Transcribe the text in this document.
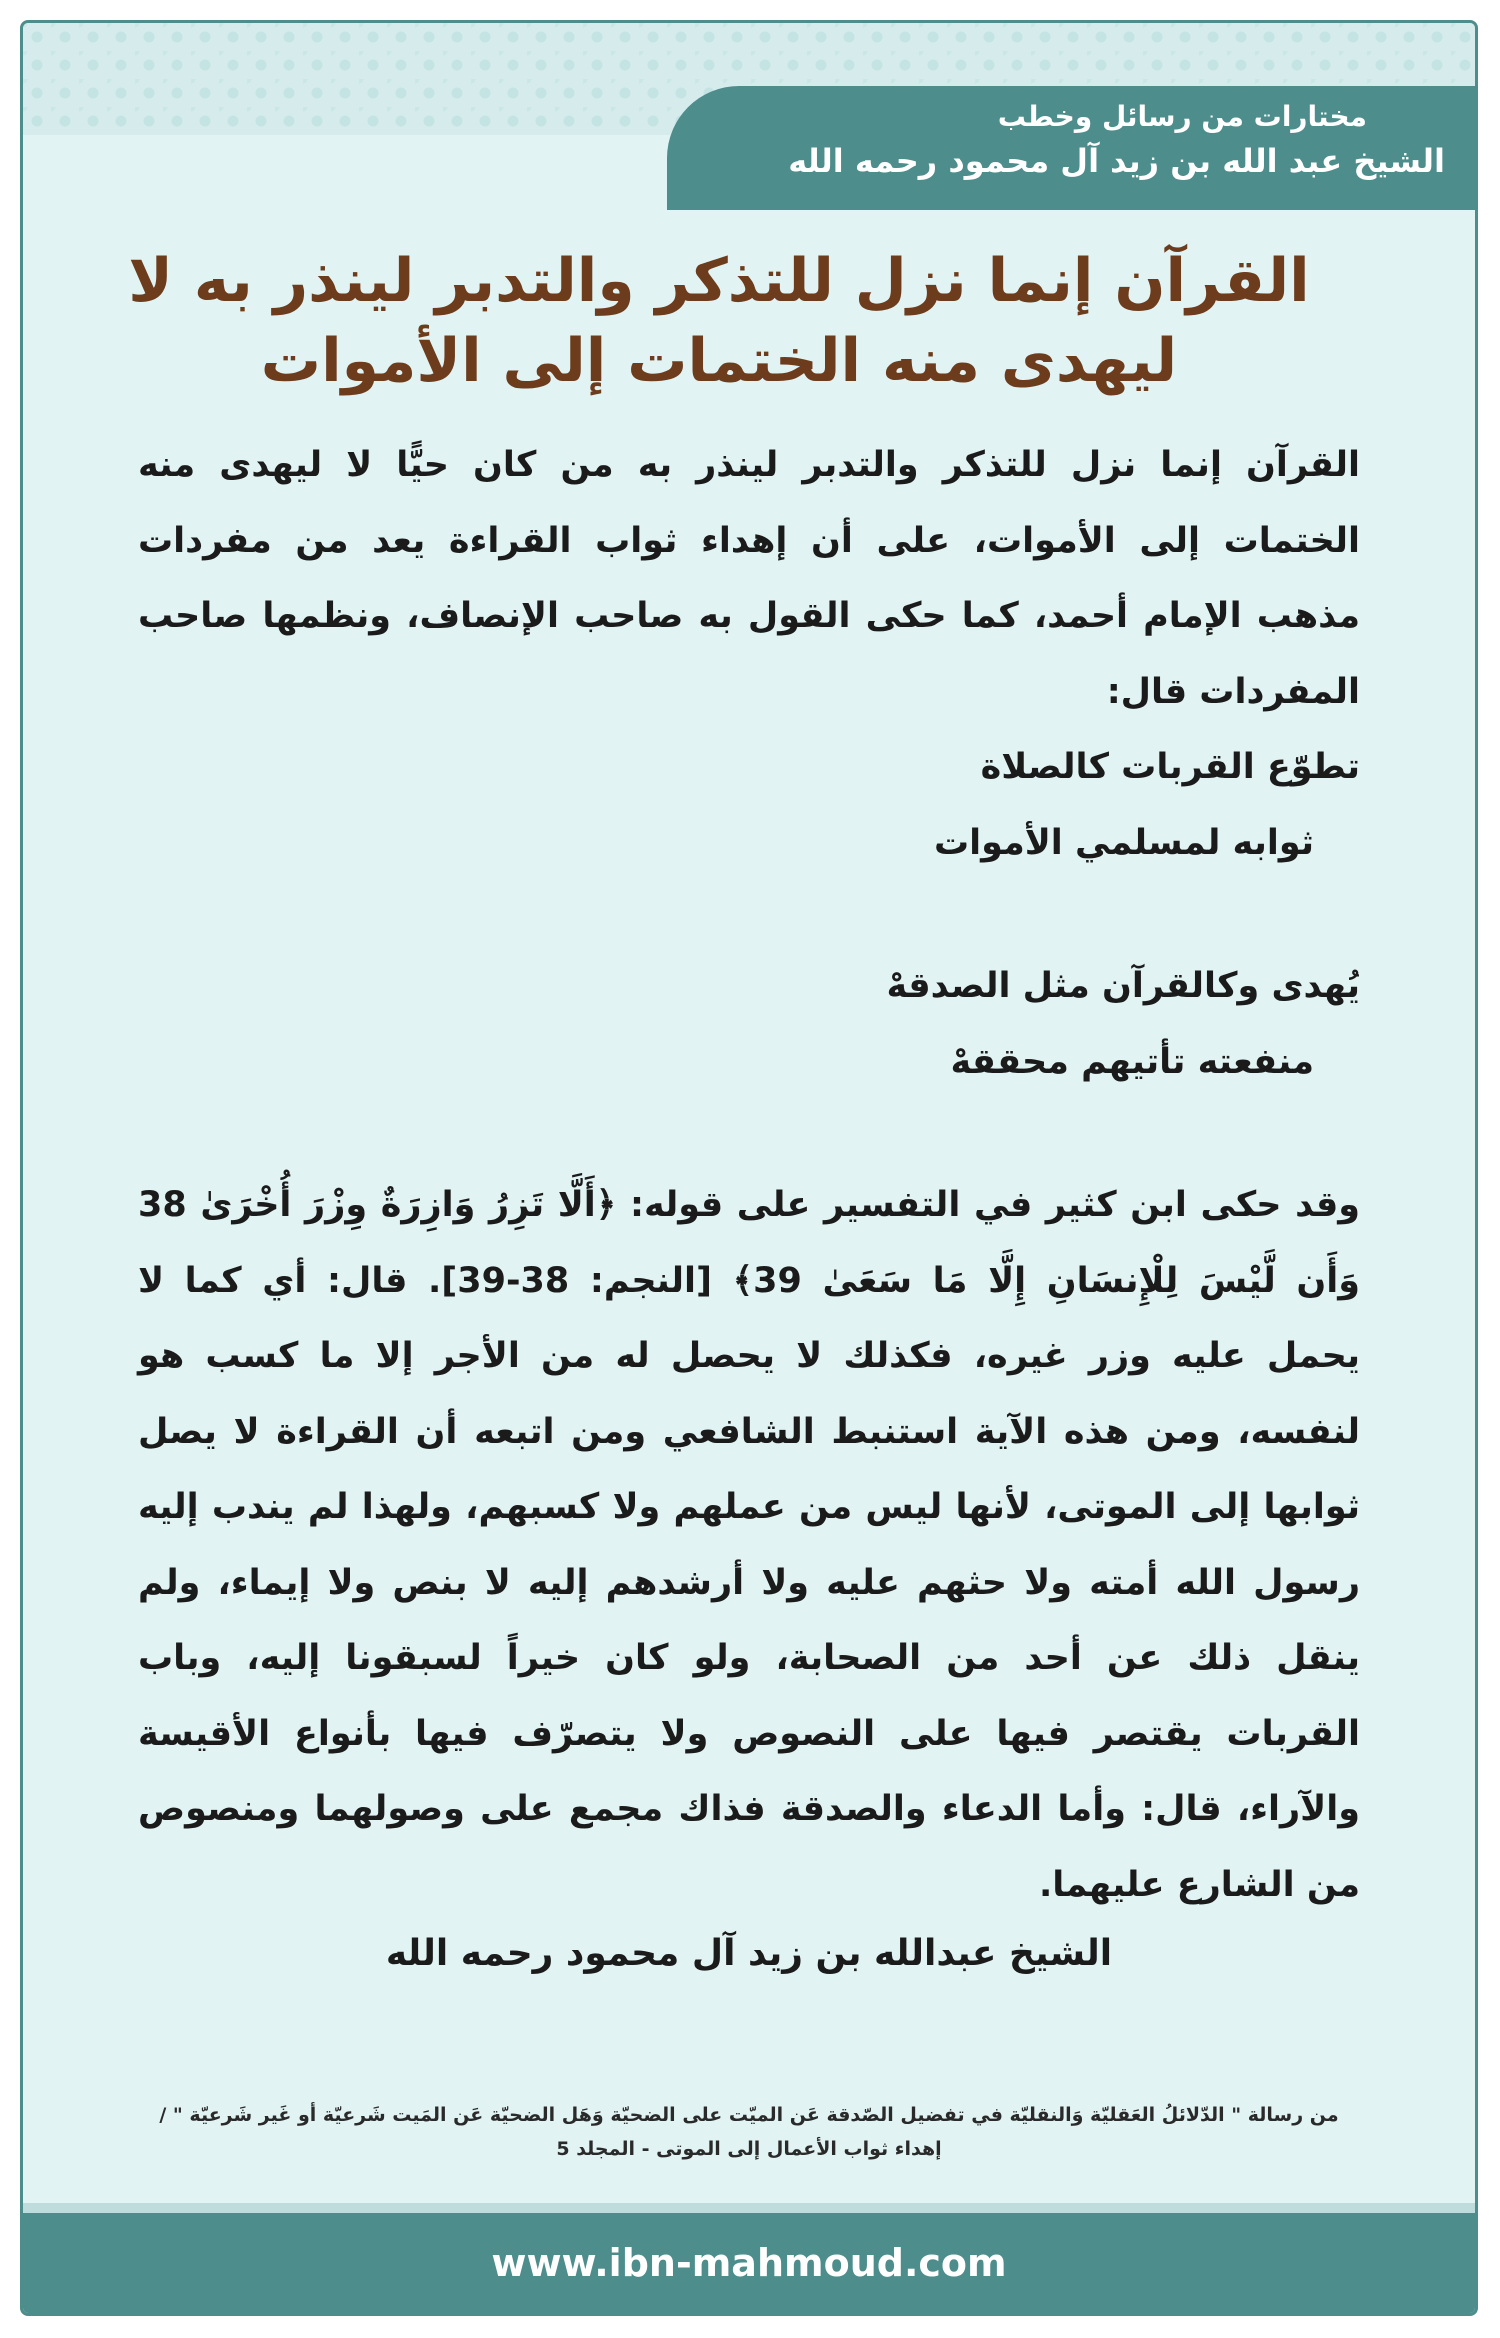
مختارات من رسائل وخطب
الشيخ عبد الله بن زيد آل محمود رحمه الله
القرآن إنما نزل للتذكر والتدبر لينذر به لا ليهدى منه الختمات إلى الأموات

القرآن إنما نزل للتذكر والتدبر لينذر به من كان حيًّا لا ليهدى منه الختمات إلى الأموات، على أن إهداء ثواب القراءة يعد من مفردات مذهب الإمام أحمد، كما حكى القول به صاحب الإنصاف، ونظمها صاحب المفردات قال:

تطوّع القربات كالصلاة

ثوابه لمسلمي الأموات

يُهدى وكالقرآن مثل الصدقهْ

منفعته تأتيهم محققهْ

وقد حكى ابن كثير في التفسير على قوله: ﴿أَلَّا تَزِرُ وَازِرَةٌ وِزْرَ أُخْرَىٰ 38 وَأَن لَّيْسَ لِلْإِنسَانِ إِلَّا مَا سَعَىٰ 39﴾ [النجم: 38-39]. قال: أي كما لا يحمل عليه وزر غيره، فكذلك لا يحصل له من الأجر إلا ما كسب هو لنفسه، ومن هذه الآية استنبط الشافعي ومن اتبعه أن القراءة لا يصل ثوابها إلى الموتى، لأنها ليس من عملهم ولا كسبهم، ولهذا لم يندب إليه رسول الله أمته ولا حثهم عليه ولا أرشدهم إليه لا بنص ولا إيماء، ولم ينقل ذلك عن أحد من الصحابة، ولو كان خيراً لسبقونا إليه، وباب القربات يقتصر فيها على النصوص ولا يتصرّف فيها بأنواع الأقيسة والآراء، قال: وأما الدعاء والصدقة فذاك مجمع على وصولهما ومنصوص من الشارع عليهما.

الشيخ عبدالله بن زيد آل محمود رحمه الله
من رسالة " الدّلائلُ العَقليّة وَالنقليّة في تفضيل الصّدقة عَن الميّت على الضحيّة وَهَل الضحيّة عَن المَيت شَرعيّة أو غَير شَرعيّة " / إهداء ثواب الأعمال إلى الموتى - المجلد 5
www.ibn-mahmoud.com
